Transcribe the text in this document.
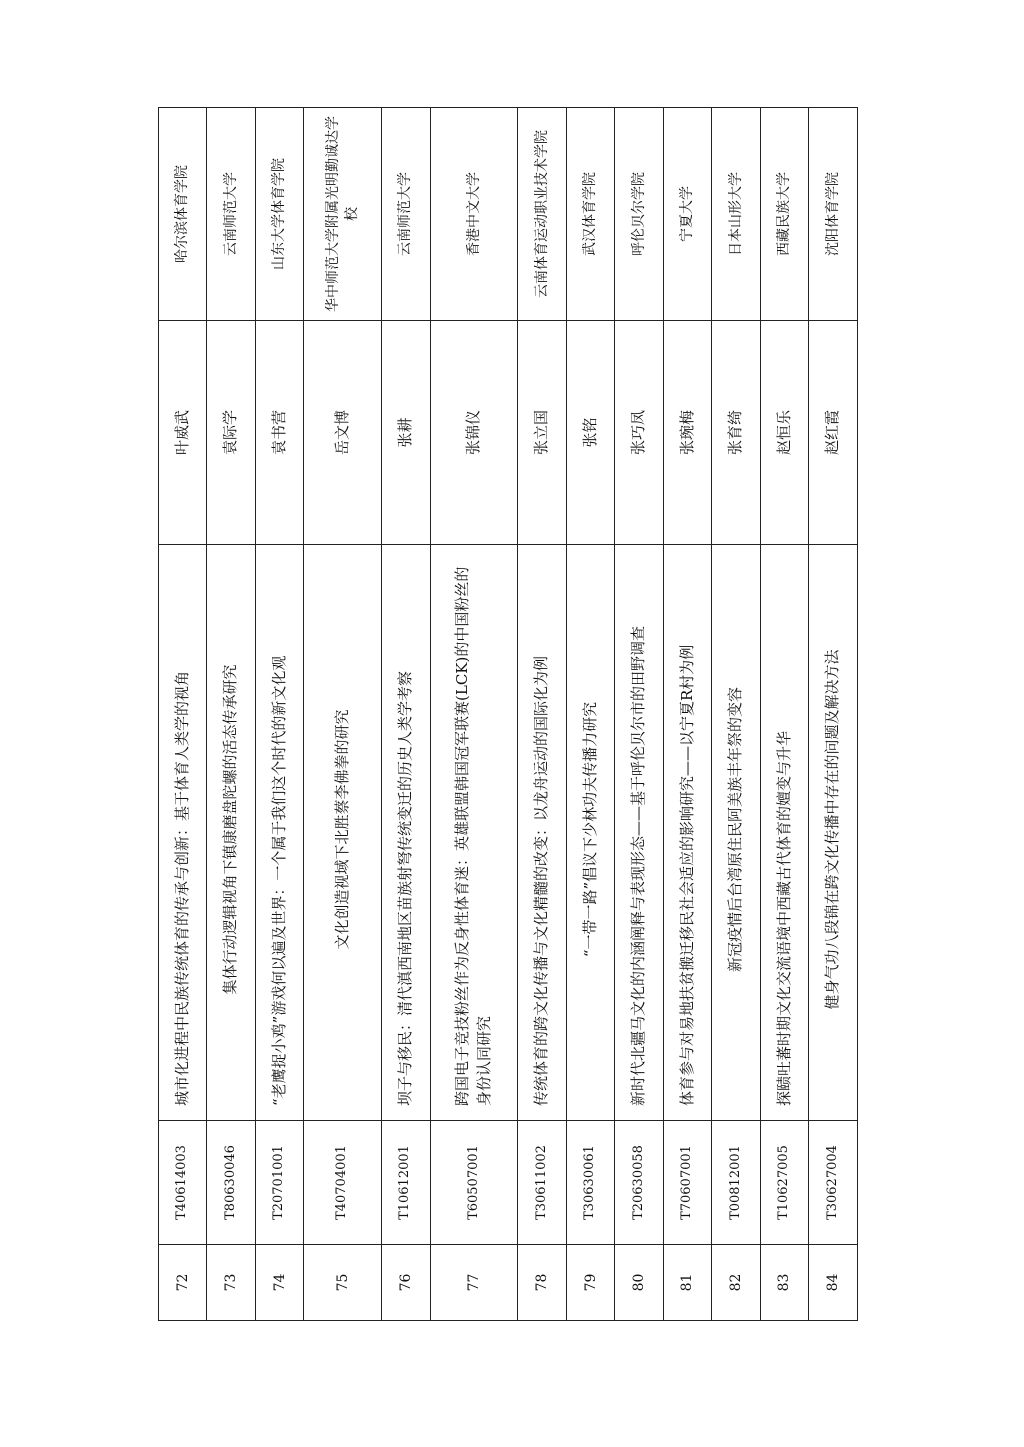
72	T40614003	城市化进程中民族传统体育的传承与创新：基于体育人类学的视角	叶威武	哈尔滨体育学院
73	T80630046	集体行动逻辑视角下镇康磨盘陀螺的活态传承研究	袁际学	云南师范大学
74	T20701001	“老鹰捉小鸡”游戏何以遍及世界：一个属于我们这个时代的新文化观	袁书营	山东大学体育学院
75	T40704001	文化创造视域下北胜蔡李佛拳的研究	岳文博	华中师范大学附属光明勤诚达学校
76	T10612001	坝子与移民：清代滇西南地区苗族射弩传统变迁的历史人类学考察	张耕	云南师范大学
77	T60507001	跨国电子竞技粉丝作为反身性体育迷：英雄联盟韩国冠军联赛(LCK)的中国粉丝的身份认同研究	张锦仪	香港中文大学
78	T30611002	传统体育的跨文化传播与文化精髓的改变：以龙舟运动的国际化为例	张立国	云南体育运动职业技术学院
79	T30630061	“一带一路”倡议下少林功夫传播力研究	张铭	武汉体育学院
80	T20630058	新时代北疆马文化的内涵阐释与表现形态——基于呼伦贝尔市的田野调查	张巧凤	呼伦贝尔学院
81	T70607001	体育参与对易地扶贫搬迁移民社会适应的影响研究——以宁夏R村为例	张琬梅	宁夏大学
82	T00812001	新冠疫情后台湾原住民阿美族丰年祭的变容	张育绮	日本山形大学
83	T10627005	探赜吐蕃时期文化交流语境中西藏古代体育的嬗变与升华	赵恒乐	西藏民族大学
84	T30627004	健身气功八段锦在跨文化传播中存在的问题及解决方法	赵红霞	沈阳体育学院
